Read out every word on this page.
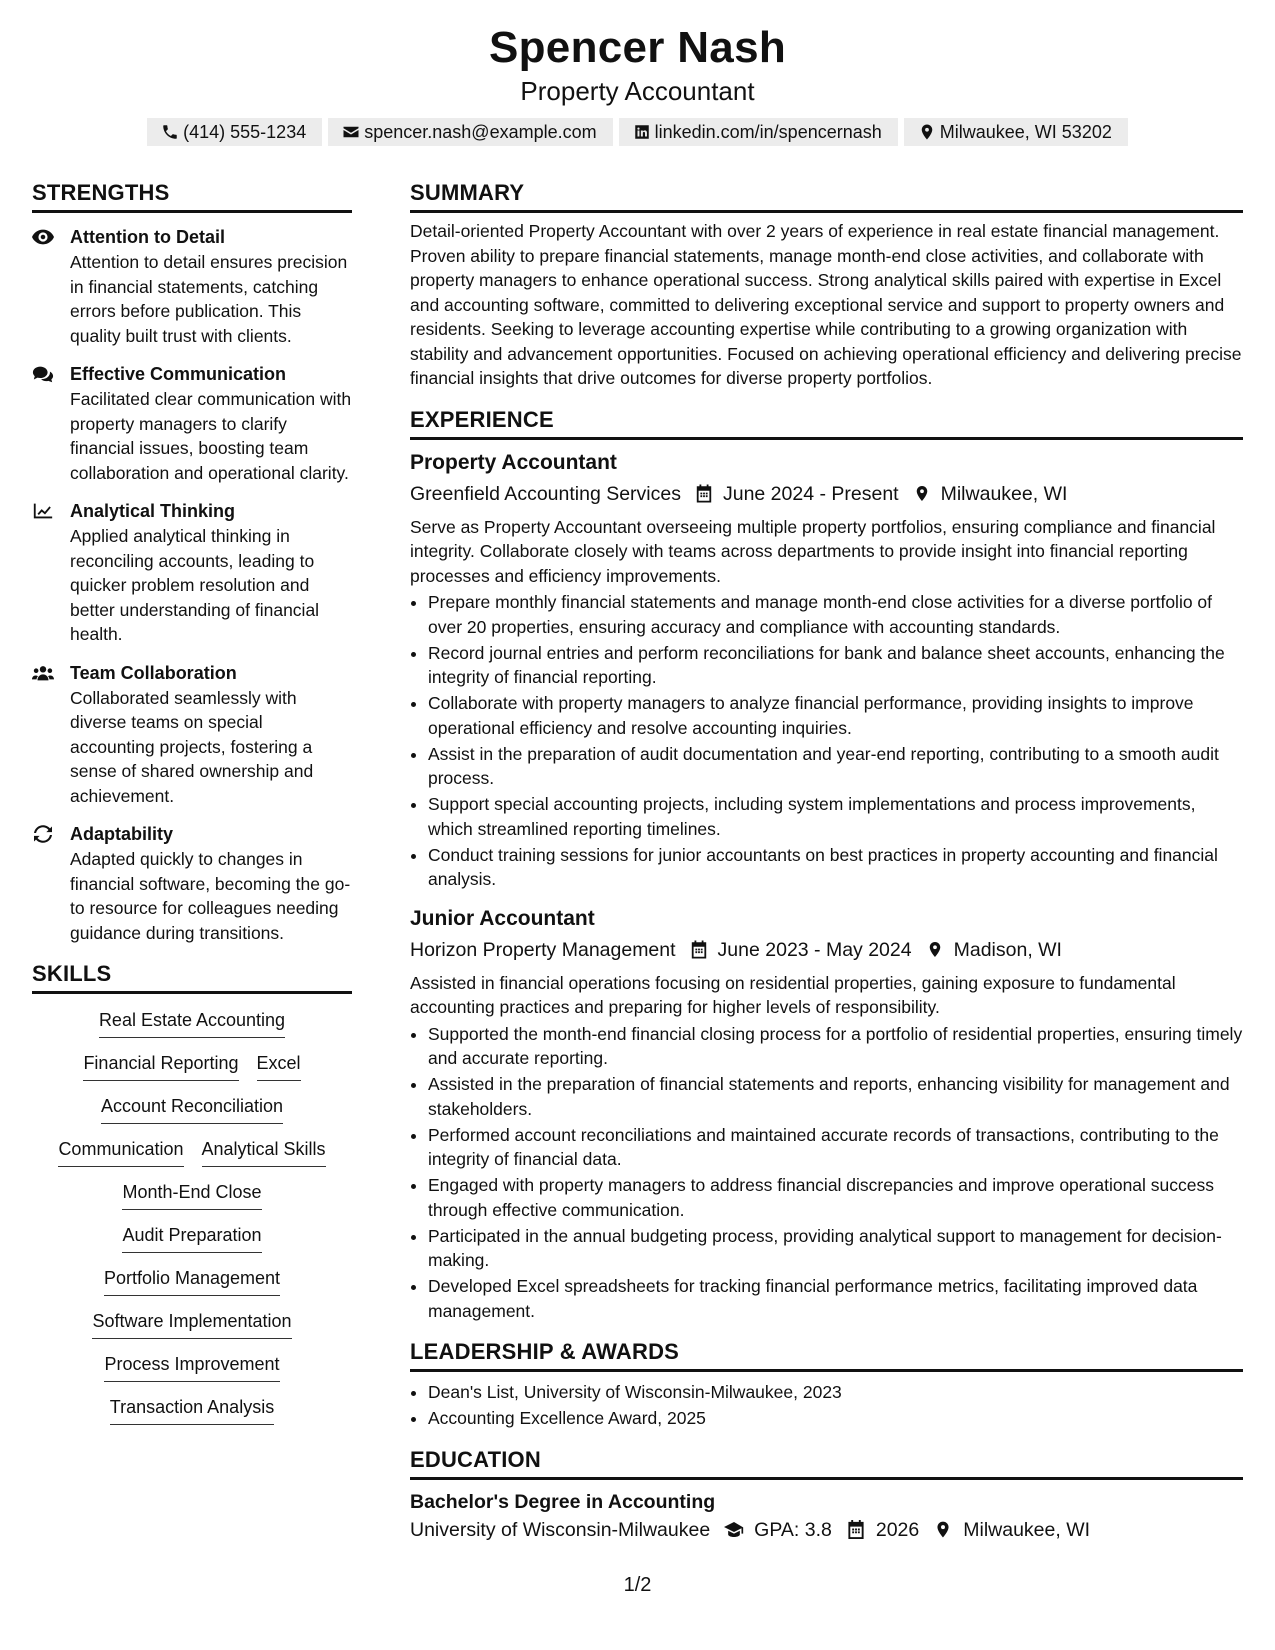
Spencer Nash
Property Accountant
(414) 555-1234	spencer.nash@example.com	linkedin.com/in/spencernash	Milwaukee, WI 53202
STRENGTHS
Attention to Detail
Attention to detail ensures precision in financial statements, catching errors before publication. This quality built trust with clients.
Effective Communication
Facilitated clear communication with property managers to clarify financial issues, boosting team collaboration and operational clarity.
Analytical Thinking
Applied analytical thinking in reconciling accounts, leading to quicker problem resolution and better understanding of financial health.
Team Collaboration
Collaborated seamlessly with diverse teams on special accounting projects, fostering a sense of shared ownership and achievement.
Adaptability
Adapted quickly to changes in financial software, becoming the go-to resource for colleagues needing guidance during transitions.
SKILLS
Real Estate Accounting
Financial Reporting Excel
Account Reconciliation
Communication Analytical Skills
Month-End Close
Audit Preparation
Portfolio Management
Software Implementation
Process Improvement
Transaction Analysis
SUMMARY
Detail-oriented Property Accountant with over 2 years of experience in real estate financial management. Proven ability to prepare financial statements, manage month-end close activities, and collaborate with property managers to enhance operational success. Strong analytical skills paired with expertise in Excel and accounting software, committed to delivering exceptional service and support to property owners and residents. Seeking to leverage accounting expertise while contributing to a growing organization with stability and advancement opportunities. Focused on achieving operational efficiency and delivering precise financial insights that drive outcomes for diverse property portfolios.
EXPERIENCE
Property Accountant
Greenfield Accounting Services June 2024 - Present Milwaukee, WI
Serve as Property Accountant overseeing multiple property portfolios, ensuring compliance and financial integrity. Collaborate closely with teams across departments to provide insight into financial reporting processes and efficiency improvements.
• Prepare monthly financial statements and manage month-end close activities for a diverse portfolio of over 20 properties, ensuring accuracy and compliance with accounting standards.
• Record journal entries and perform reconciliations for bank and balance sheet accounts, enhancing the integrity of financial reporting.
• Collaborate with property managers to analyze financial performance, providing insights to improve operational efficiency and resolve accounting inquiries.
• Assist in the preparation of audit documentation and year-end reporting, contributing to a smooth audit process.
• Support special accounting projects, including system implementations and process improvements, which streamlined reporting timelines.
• Conduct training sessions for junior accountants on best practices in property accounting and financial analysis.
Junior Accountant
Horizon Property Management June 2023 - May 2024 Madison, WI
Assisted in financial operations focusing on residential properties, gaining exposure to fundamental accounting practices and preparing for higher levels of responsibility.
• Supported the month-end financial closing process for a portfolio of residential properties, ensuring timely and accurate reporting.
• Assisted in the preparation of financial statements and reports, enhancing visibility for management and stakeholders.
• Performed account reconciliations and maintained accurate records of transactions, contributing to the integrity of financial data.
• Engaged with property managers to address financial discrepancies and improve operational success through effective communication.
• Participated in the annual budgeting process, providing analytical support to management for decision-making.
• Developed Excel spreadsheets for tracking financial performance metrics, facilitating improved data management.
LEADERSHIP & AWARDS
• Dean's List, University of Wisconsin-Milwaukee, 2023
• Accounting Excellence Award, 2025
EDUCATION
Bachelor's Degree in Accounting
University of Wisconsin-Milwaukee GPA: 3.8 2026 Milwaukee, WI
1/2
